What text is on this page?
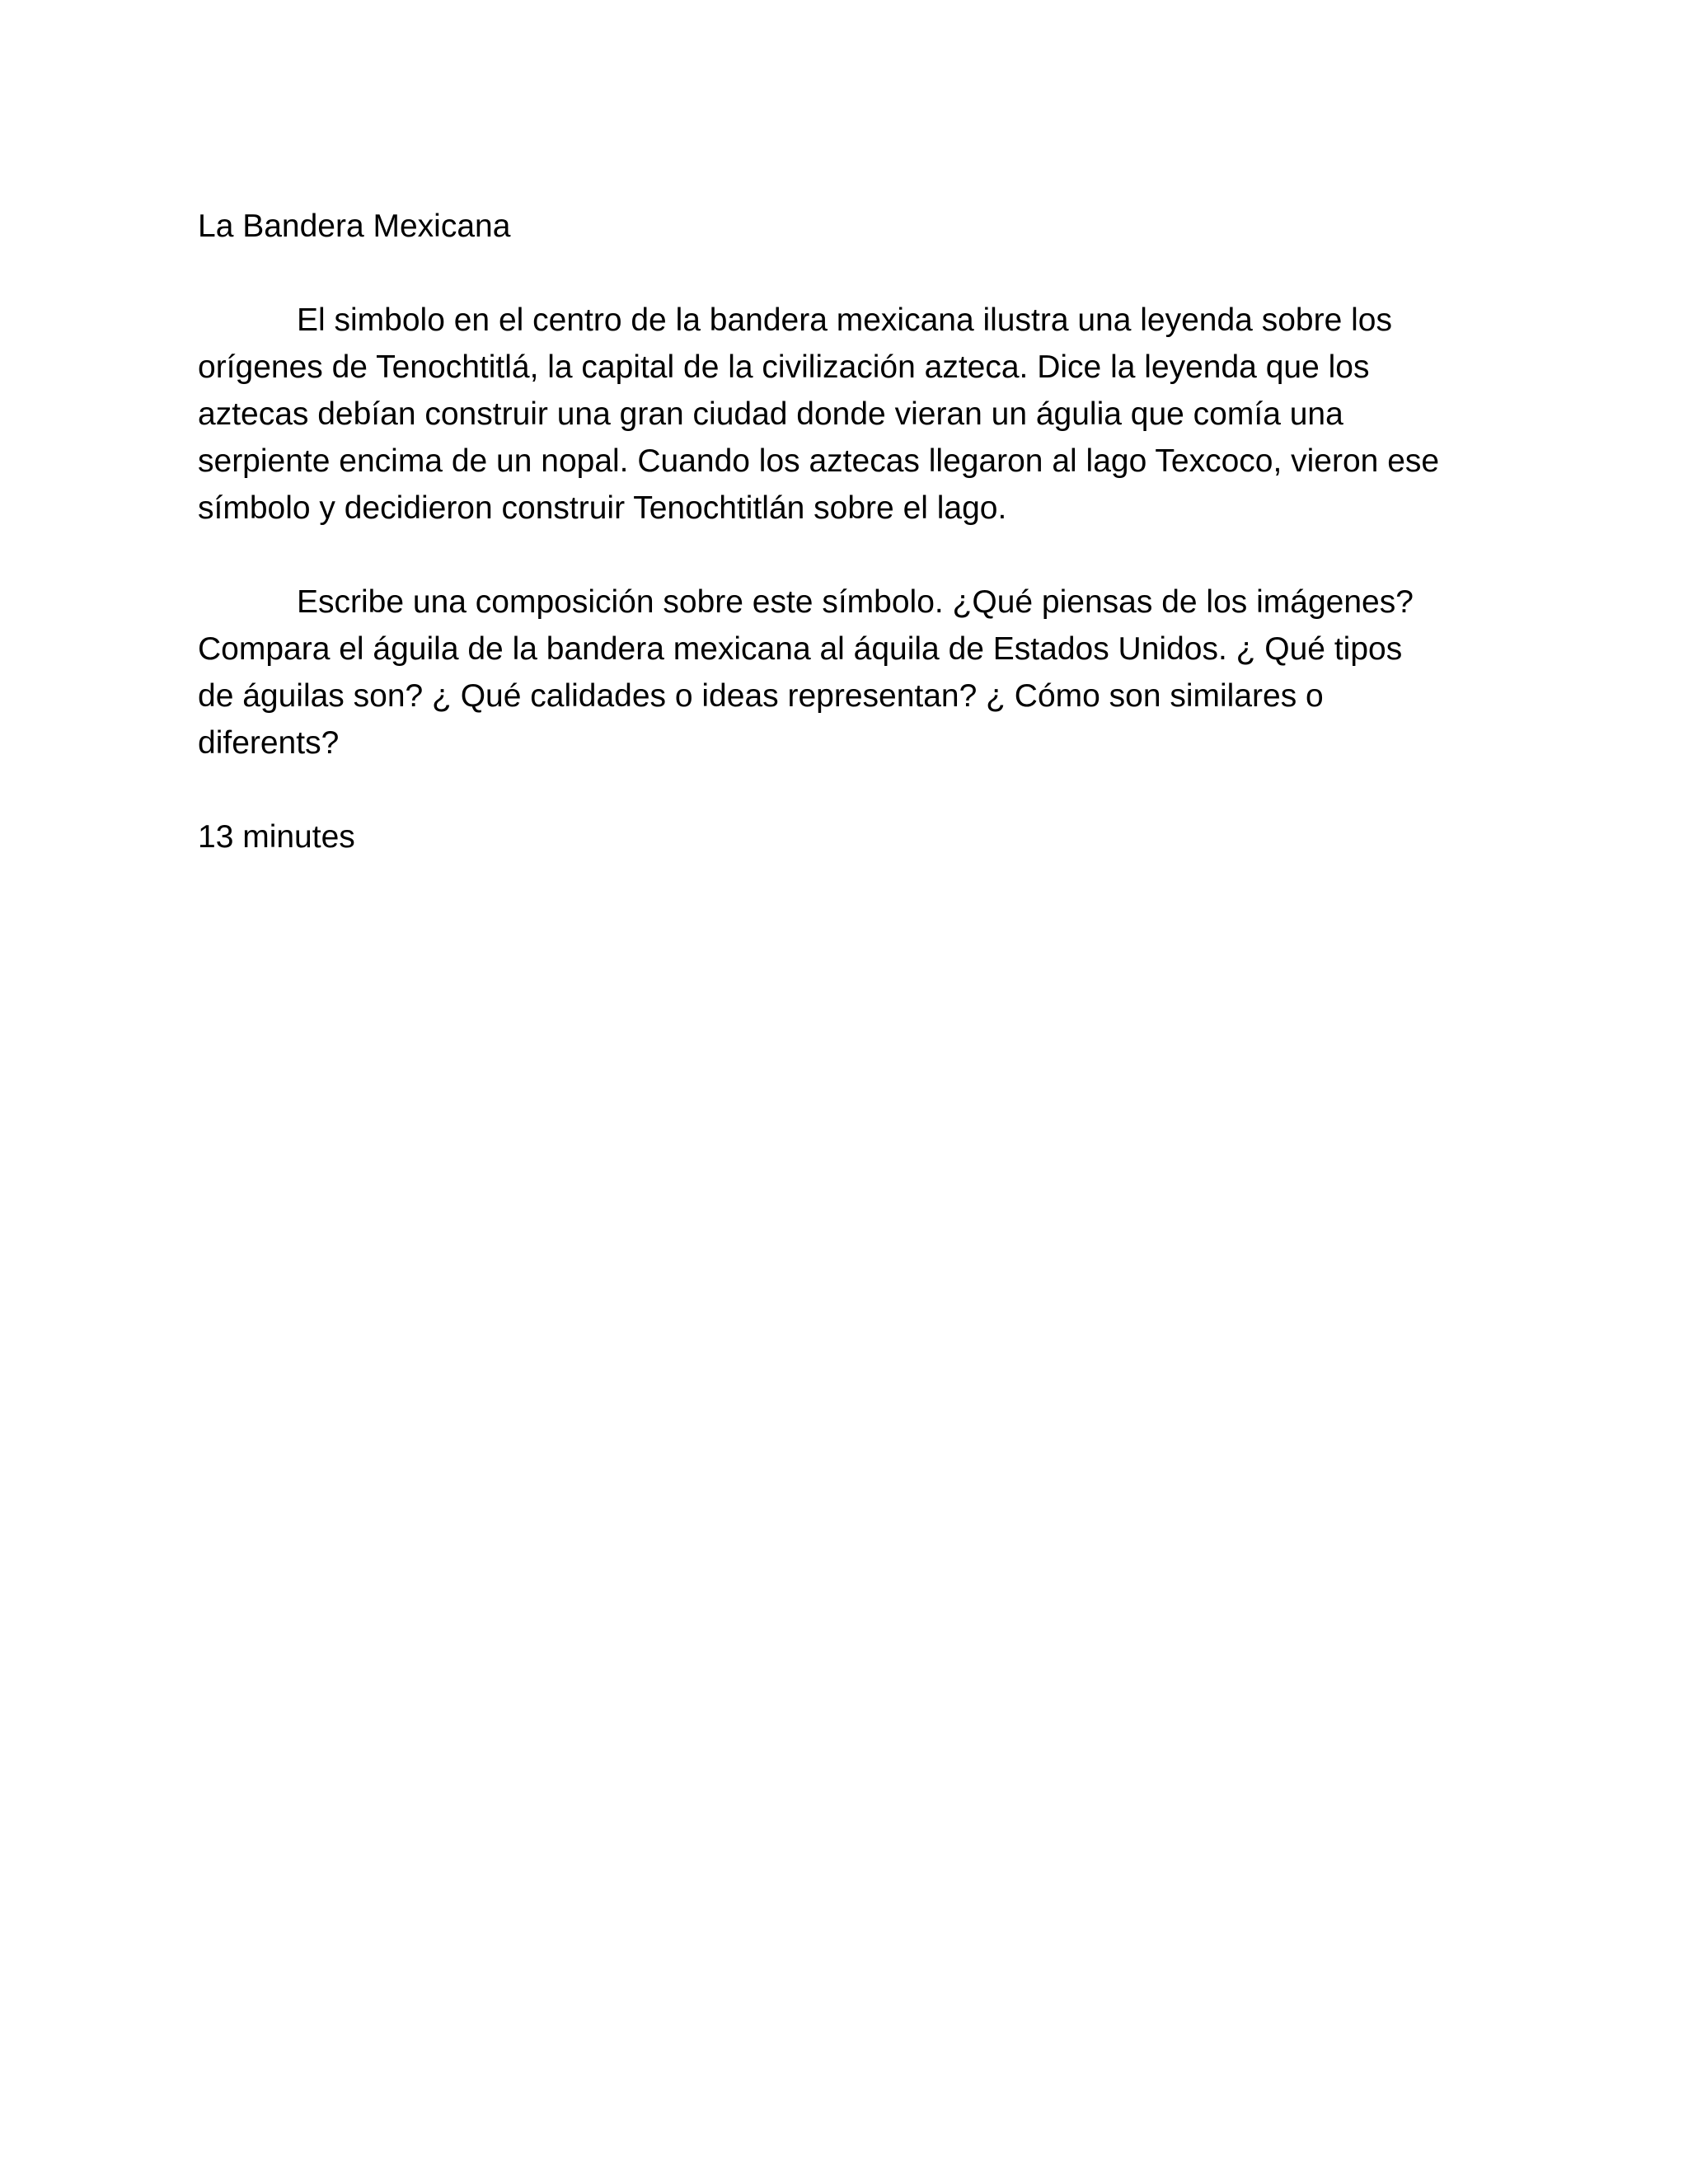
La Bandera Mexicana
El simbolo en el centro de la bandera mexicana ilustra una leyenda sobre los
orígenes de Tenochtitlá, la capital de la civilización azteca. Dice la leyenda que los
aztecas debían construir una gran ciudad donde vieran un águlia que comía una
serpiente encima de un nopal. Cuando los aztecas llegaron al lago Texcoco, vieron ese
símbolo y decidieron construir Tenochtitlán sobre el lago.
Escribe una composición sobre este símbolo. ¿Qué piensas de los imágenes?
Compara el águila de la bandera mexicana al áquila de Estados Unidos. ¿ Qué tipos
de águilas son? ¿ Qué calidades o ideas representan? ¿ Cómo son similares o
diferents?
13 minutes
